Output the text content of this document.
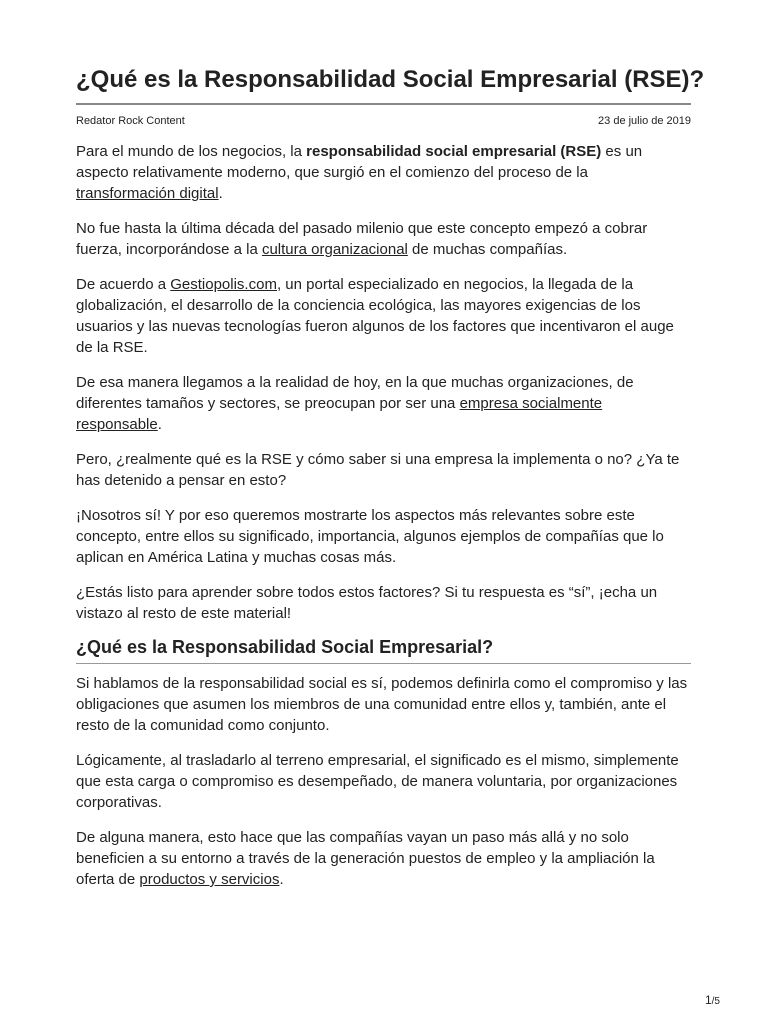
¿Qué es la Responsabilidad Social Empresarial (RSE)?
Redator Rock Content	23 de julio de 2019

Para el mundo de los negocios, la responsabilidad social empresarial (RSE) es un aspecto relativamente moderno, que surgió en el comienzo del proceso de la transformación digital.

No fue hasta la última década del pasado milenio que este concepto empezó a cobrar fuerza, incorporándose a la cultura organizacional de muchas compañías.

De acuerdo a Gestiopolis.com, un portal especializado en negocios, la llegada de la globalización, el desarrollo de la conciencia ecológica, las mayores exigencias de los usuarios y las nuevas tecnologías fueron algunos de los factores que incentivaron el auge de la RSE.

De esa manera llegamos a la realidad de hoy, en la que muchas organizaciones, de diferentes tamaños y sectores, se preocupan por ser una empresa socialmente responsable.

Pero, ¿realmente qué es la RSE y cómo saber si una empresa la implementa o no? ¿Ya te has detenido a pensar en esto?

¡Nosotros sí! Y por eso queremos mostrarte los aspectos más relevantes sobre este concepto, entre ellos su significado, importancia, algunos ejemplos de compañías que lo aplican en América Latina y muchas cosas más.

¿Estás listo para aprender sobre todos estos factores? Si tu respuesta es “sí”, ¡echa un vistazo al resto de este material!

¿Qué es la Responsabilidad Social Empresarial?

Si hablamos de la responsabilidad social es sí, podemos definirla como el compromiso y las obligaciones que asumen los miembros de una comunidad entre ellos y, también, ante el resto de la comunidad como conjunto.

Lógicamente, al trasladarlo al terreno empresarial, el significado es el mismo, simplemente que esta carga o compromiso es desempeñado, de manera voluntaria, por organizaciones corporativas.

De alguna manera, esto hace que las compañías vayan un paso más allá y no solo beneficien a su entorno a través de la generación puestos de empleo y la ampliación la oferta de productos y servicios.

1/5
